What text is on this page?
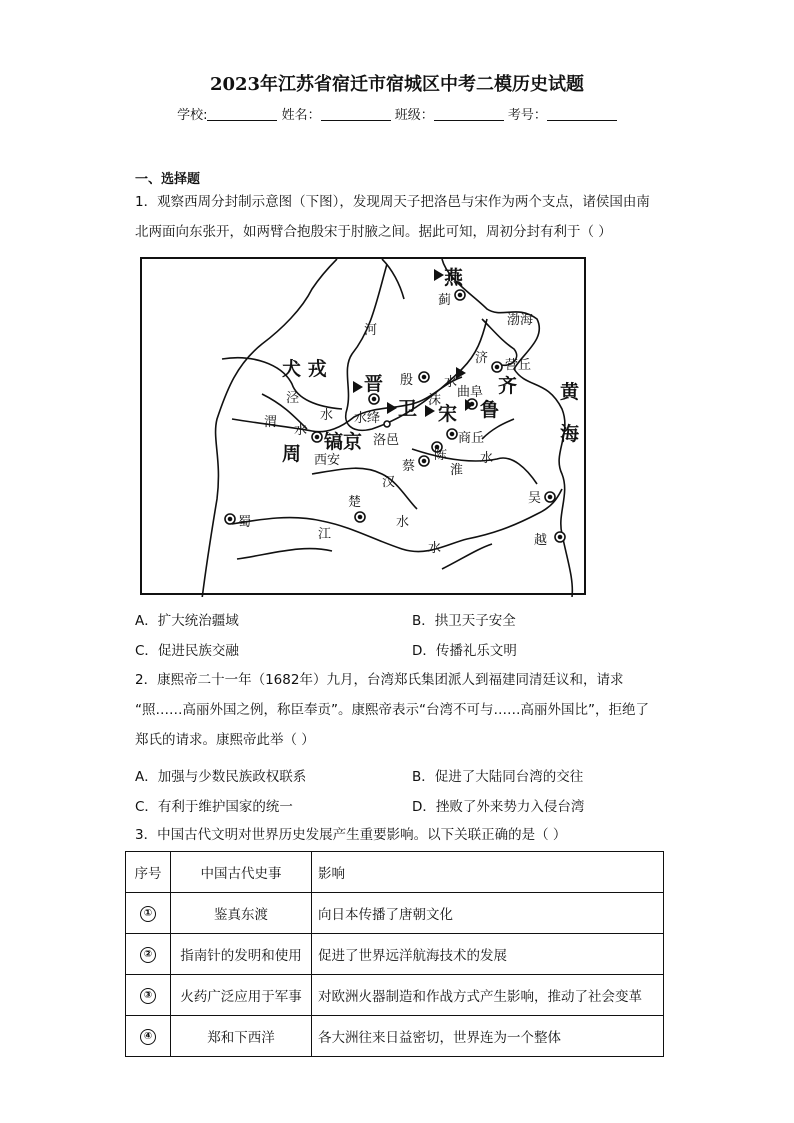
2023年江苏省宿迁市宿城区中考二模历史试题
学校:	姓名：	班级：	考号：
一、选择题
1．观察西周分封制示意图（下图），发现周天子把洛邑与宋作为两个支点，诸侯国由南
北两面向东张开，如两臂合抱殷宋于肘腋之间。据此可知，周初分封有利于（ ）
燕
蓟
渤海
河
犬 戎
晋 殷
济 营丘
水
曲阜 齐 黄
泾
水	绛 卫 沫
宋 鲁
海
渭
水
水
洛邑	商丘
周
镐京
西安	蔡
陈
淮
水
汉
蜀
楚	吴
江
水
水
越
A．扩大统治疆域	B．拱卫天子安全
C．促进民族交融	D．传播礼乐文明
2．康熙帝二十一年（1682年）九月，台湾郑氏集团派人到福建同清廷议和，请求
“照……高丽外国之例，称臣奉贡”。康熙帝表示“台湾不可与……高丽外国比”，拒绝了
郑氏的请求。康熙帝此举（ ）
A．加强与少数民族政权联系	B．促进了大陆同台湾的交往
C．有利于维护国家的统一	D．挫败了外来势力入侵台湾
3．中国古代文明对世界历史发展产生重要影响。以下关联正确的是（ ）
序号	中国古代史事	影响
①	鉴真东渡	向日本传播了唐朝文化
②	指南针的发明和使用	促进了世界远洋航海技术的发展
③	火药广泛应用于军事	对欧洲火器制造和作战方式产生影响，推动了社会变革
④	郑和下西洋	各大洲往来日益密切，世界连为一个整体
